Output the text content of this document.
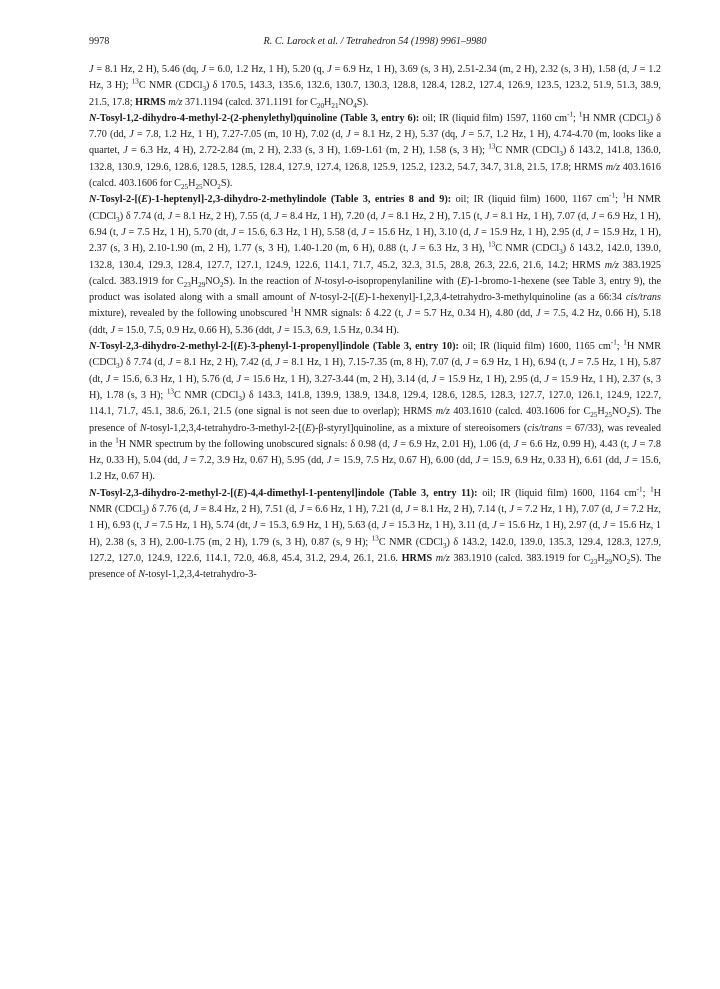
9978	R. C. Larock et al. / Tetrahedron 54 (1998) 9961–9980

J = 8.1 Hz, 2 H), 5.46 (dq, J = 6.0, 1.2 Hz, 1 H), 5.20 (q, J = 6.9 Hz, 1 H), 3.69 (s, 3 H), 2.51-2.34 (m, 2 H), 2.32 (s, 3 H), 1.58 (d, J = 1.2 Hz, 3 H); $^{13}$C NMR (CDCl$_3$) δ 170.5, 143.3, 135.6, 132.6, 130.7, 130.3, 128.8, 128.4, 128.2, 127.4, 126.9, 123.5, 123.2, 51.9, 51.3, 38.9, 21.5, 17.8; HRMS m/z 371.1194 (calcd. 371.1191 for $C_{20}H_{21}NO_4S$).

N-Tosyl-1,2-dihydro-4-methyl-2-(2-phenylethyl)quinoline (Table 3, entry 6): oil; IR (liquid film) 1597, 1160 $cm^{-1}$; $^1$H NMR (CDCl$_3$) δ 7.70 (dd, J = 7.8, 1.2 Hz, 1 H), 7.27-7.05 (m, 10 H), 7.02 (d, J = 8.1 Hz, 2 H), 5.37 (dq, J = 5.7, 1.2 Hz, 1 H), 4.74-4.70 (m, looks like a quartet, J = 6.3 Hz, 4 H), 2.72-2.84 (m, 2 H), 2.33 (s, 3 H), 1.69-1.61 (m, 2 H), 1.58 (s, 3 H); $^{13}$C NMR (CDCl$_3$) δ 143.2, 141.8, 136.0, 132.8, 130.9, 129.6, 128.6, 128.5, 128.5, 128.4, 127.9, 127.4, 126.8, 125.9, 125.2, 123.2, 54.7, 34.7, 31.8, 21.5, 17.8; HRMS m/z 403.1616 (calcd. 403.1606 for $C_{25}H_{25}NO_2S$).

N-Tosyl-2-[(E)-1-heptenyl]-2,3-dihydro-2-methylindole (Table 3, entries 8 and 9): oil; IR (liquid film) 1600, 1167 $cm^{-1}$; $^1$H NMR (CDCl$_3$) δ 7.74 (d, J = 8.1 Hz, 2 H), 7.55 (d, J = 8.4 Hz, 1 H), 7.20 (d, J = 8.1 Hz, 2 H), 7.15 (t, J = 8.1 Hz, 1 H), 7.07 (d, J = 6.9 Hz, 1 H), 6.94 (t, J = 7.5 Hz, 1 H), 5.70 (dt, J = 15.6, 6.3 Hz, 1 H), 5.58 (d, J = 15.6 Hz, 1 H), 3.10 (d, J = 15.9 Hz, 1 H), 2.95 (d, J = 15.9 Hz, 1 H), 2.37 (s, 3 H), 2.10-1.90 (m, 2 H), 1.77 (s, 3 H), 1.40-1.20 (m, 6 H), 0.88 (t, J = 6.3 Hz, 3 H), $^{13}$C NMR (CDCl$_3$) δ 143.2, 142.0, 139.0, 132.8, 130.4, 129.3, 128.4, 127.7, 127.1, 124.9, 122.6, 114.1, 71.7, 45.2, 32.3, 31.5, 28.8, 26.3, 22.6, 21.6, 14.2; HRMS m/z 383.1925 (calcd. 383.1919 for $C_{23}H_{29}NO_2S$). In the reaction of N-tosyl-o-isopropenylaniline with (E)-1-bromo-1-hexene (see Table 3, entry 9), the product was isolated along with a small amount of N-tosyl-2-[(E)-1-hexenyl]-1,2,3,4-tetrahydro-3-methylquinoline (as a 66:34 cis/trans mixture), revealed by the following unobscured $^1$H NMR signals: δ 4.22 (t, J = 5.7 Hz, 0.34 H), 4.80 (dd, J = 7.5, 4.2 Hz, 0.66 H), 5.18 (ddt, J = 15.0, 7.5, 0.9 Hz, 0.66 H), 5.36 (ddt, J = 15.3, 6.9, 1.5 Hz, 0.34 H).

N-Tosyl-2,3-dihydro-2-methyl-2-[(E)-3-phenyl-1-propenyl]indole (Table 3, entry 10): oil; IR (liquid film) 1600, 1165 $cm^{-1}$; $^1$H NMR (CDCl$_3$) δ 7.74 (d, J = 8.1 Hz, 2 H), 7.42 (d, J = 8.1 Hz, 1 H), 7.15-7.35 (m, 8 H), 7.07 (d, J = 6.9 Hz, 1 H), 6.94 (t, J = 7.5 Hz, 1 H), 5.87 (dt, J = 15.6, 6.3 Hz, 1 H), 5.76 (d, J = 15.6 Hz, 1 H), 3.27-3.44 (m, 2 H), 3.14 (d, J = 15.9 Hz, 1 H), 2.95 (d, J = 15.9 Hz, 1 H), 2.37 (s, 3 H), 1.78 (s, 3 H); $^{13}$C NMR (CDCl$_3$) δ 143.3, 141.8, 139.9, 138.9, 134.8, 129.4, 128.6, 128.5, 128.3, 127.7, 127.0, 126.1, 124.9, 122.7, 114.1, 71.7, 45.1, 38.6, 26.1, 21.5 (one signal is not seen due to overlap); HRMS m/z 403.1610 (calcd. 403.1606 for $C_{25}H_{25}NO_2S$). The presence of N-tosyl-1,2,3,4-tetrahydro-3-methyl-2-[(E)-β-styryl]quinoline, as a mixture of stereoisomers (cis/trans = 67/33), was revealed in the $^1$H NMR spectrum by the following unobscured signals: δ 0.98 (d, J = 6.9 Hz, 2.01 H), 1.06 (d, J = 6.6 Hz, 0.99 H), 4.43 (t, J = 7.8 Hz, 0.33 H), 5.04 (dd, J = 7.2, 3.9 Hz, 0.67 H), 5.95 (dd, J = 15.9, 7.5 Hz, 0.67 H), 6.00 (dd, J = 15.9, 6.9 Hz, 0.33 H), 6.61 (dd, J = 15.6, 1.2 Hz, 0.67 H).

N-Tosyl-2,3-dihydro-2-methyl-2-[(E)-4,4-dimethyl-1-pentenyl]indole (Table 3, entry 11): oil; IR (liquid film) 1600, 1164 $cm^{-1}$; $^1$H NMR (CDCl$_3$) δ 7.76 (d, J = 8.4 Hz, 2 H), 7.51 (d, J = 6.6 Hz, 1 H), 7.21 (d, J = 8.1 Hz, 2 H), 7.14 (t, J = 7.2 Hz, 1 H), 7.07 (d, J = 7.2 Hz, 1 H), 6.93 (t, J = 7.5 Hz, 1 H), 5.74 (dt, J = 15.3, 6.9 Hz, 1 H), 5.63 (d, J = 15.3 Hz, 1 H), 3.11 (d, J = 15.6 Hz, 1 H), 2.97 (d, J = 15.6 Hz, 1 H), 2.38 (s, 3 H), 2.00-1.75 (m, 2 H), 1.79 (s, 3 H), 0.87 (s, 9 H); $^{13}$C NMR (CDCl$_3$) δ 143.2, 142.0, 139.0, 135.3, 129.4, 128.3, 127.9, 127.2, 127.0, 124.9, 122.6, 114.1, 72.0, 46.8, 45.4, 31.2, 29.4, 26.1, 21.6. HRMS m/z 383.1910 (calcd. 383.1919 for $C_{23}H_{29}NO_2S$). The presence of N-tosyl-1,2,3,4-tetrahydro-3-
